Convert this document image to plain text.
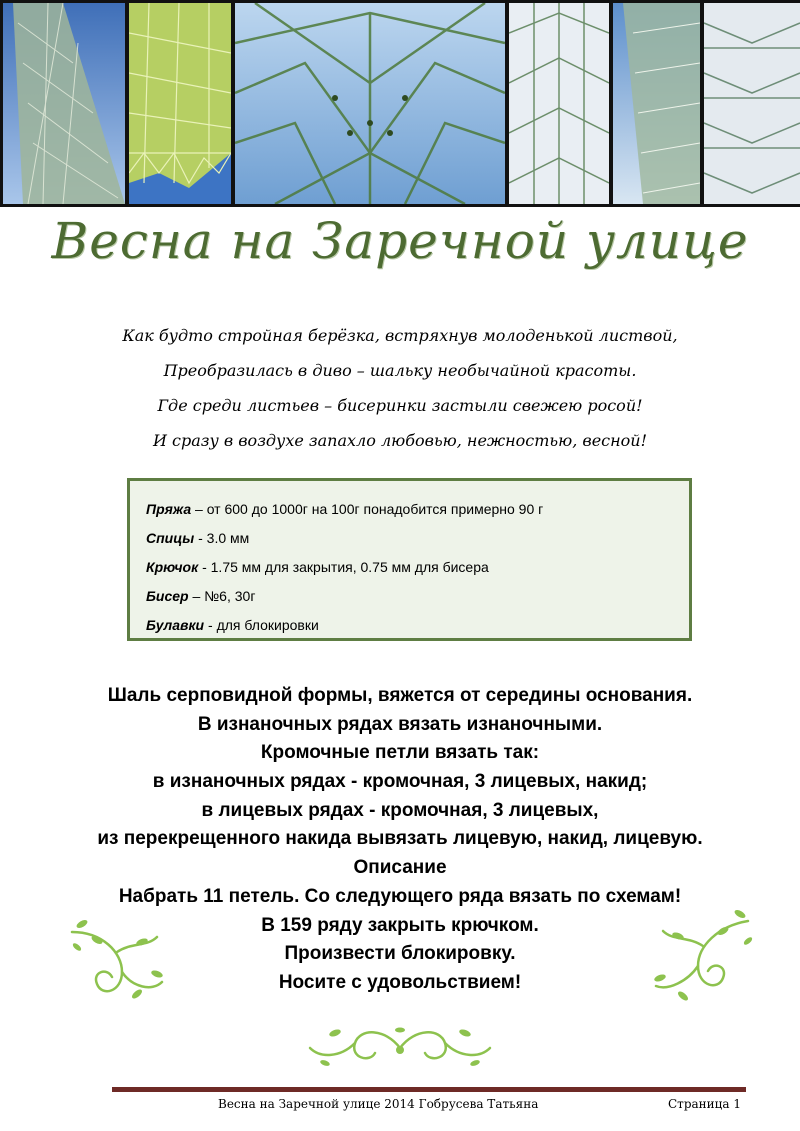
Весна на Заречной улице
Как будто стройная берёзка, встряхнув молоденькой листвой,
Преобразилась в диво – шальку необычайной красоты.
Где среди листьев – бисеринки застыли свежею росой!
И сразу в воздухе запахло любовью, нежностью, весной!
Пряжа – от 600 до 1000г на 100г понадобится примерно 90 г
Спицы - 3.0 мм
Крючок - 1.75 мм для закрытия, 0.75 мм для бисера
Бисер – №6, 30г
Булавки - для блокировки
Шаль серповидной формы, вяжется от середины основания.
В изнаночных рядах вязать изнаночными.
Кромочные петли вязать так:
в изнаночных рядах - кромочная, 3 лицевых, накид;
в лицевых рядах - кромочная, 3 лицевых,
из перекрещенного накида вывязать лицевую, накид, лицевую.
Описание
Набрать 11 петель. Со следующего ряда вязать по схемам!
В 159 ряду закрыть крючком.
Произвести блокировку.
Носите с удовольствием!
Весна на Заречной улице 2014 Гобрусева Татьяна	Страница 1
